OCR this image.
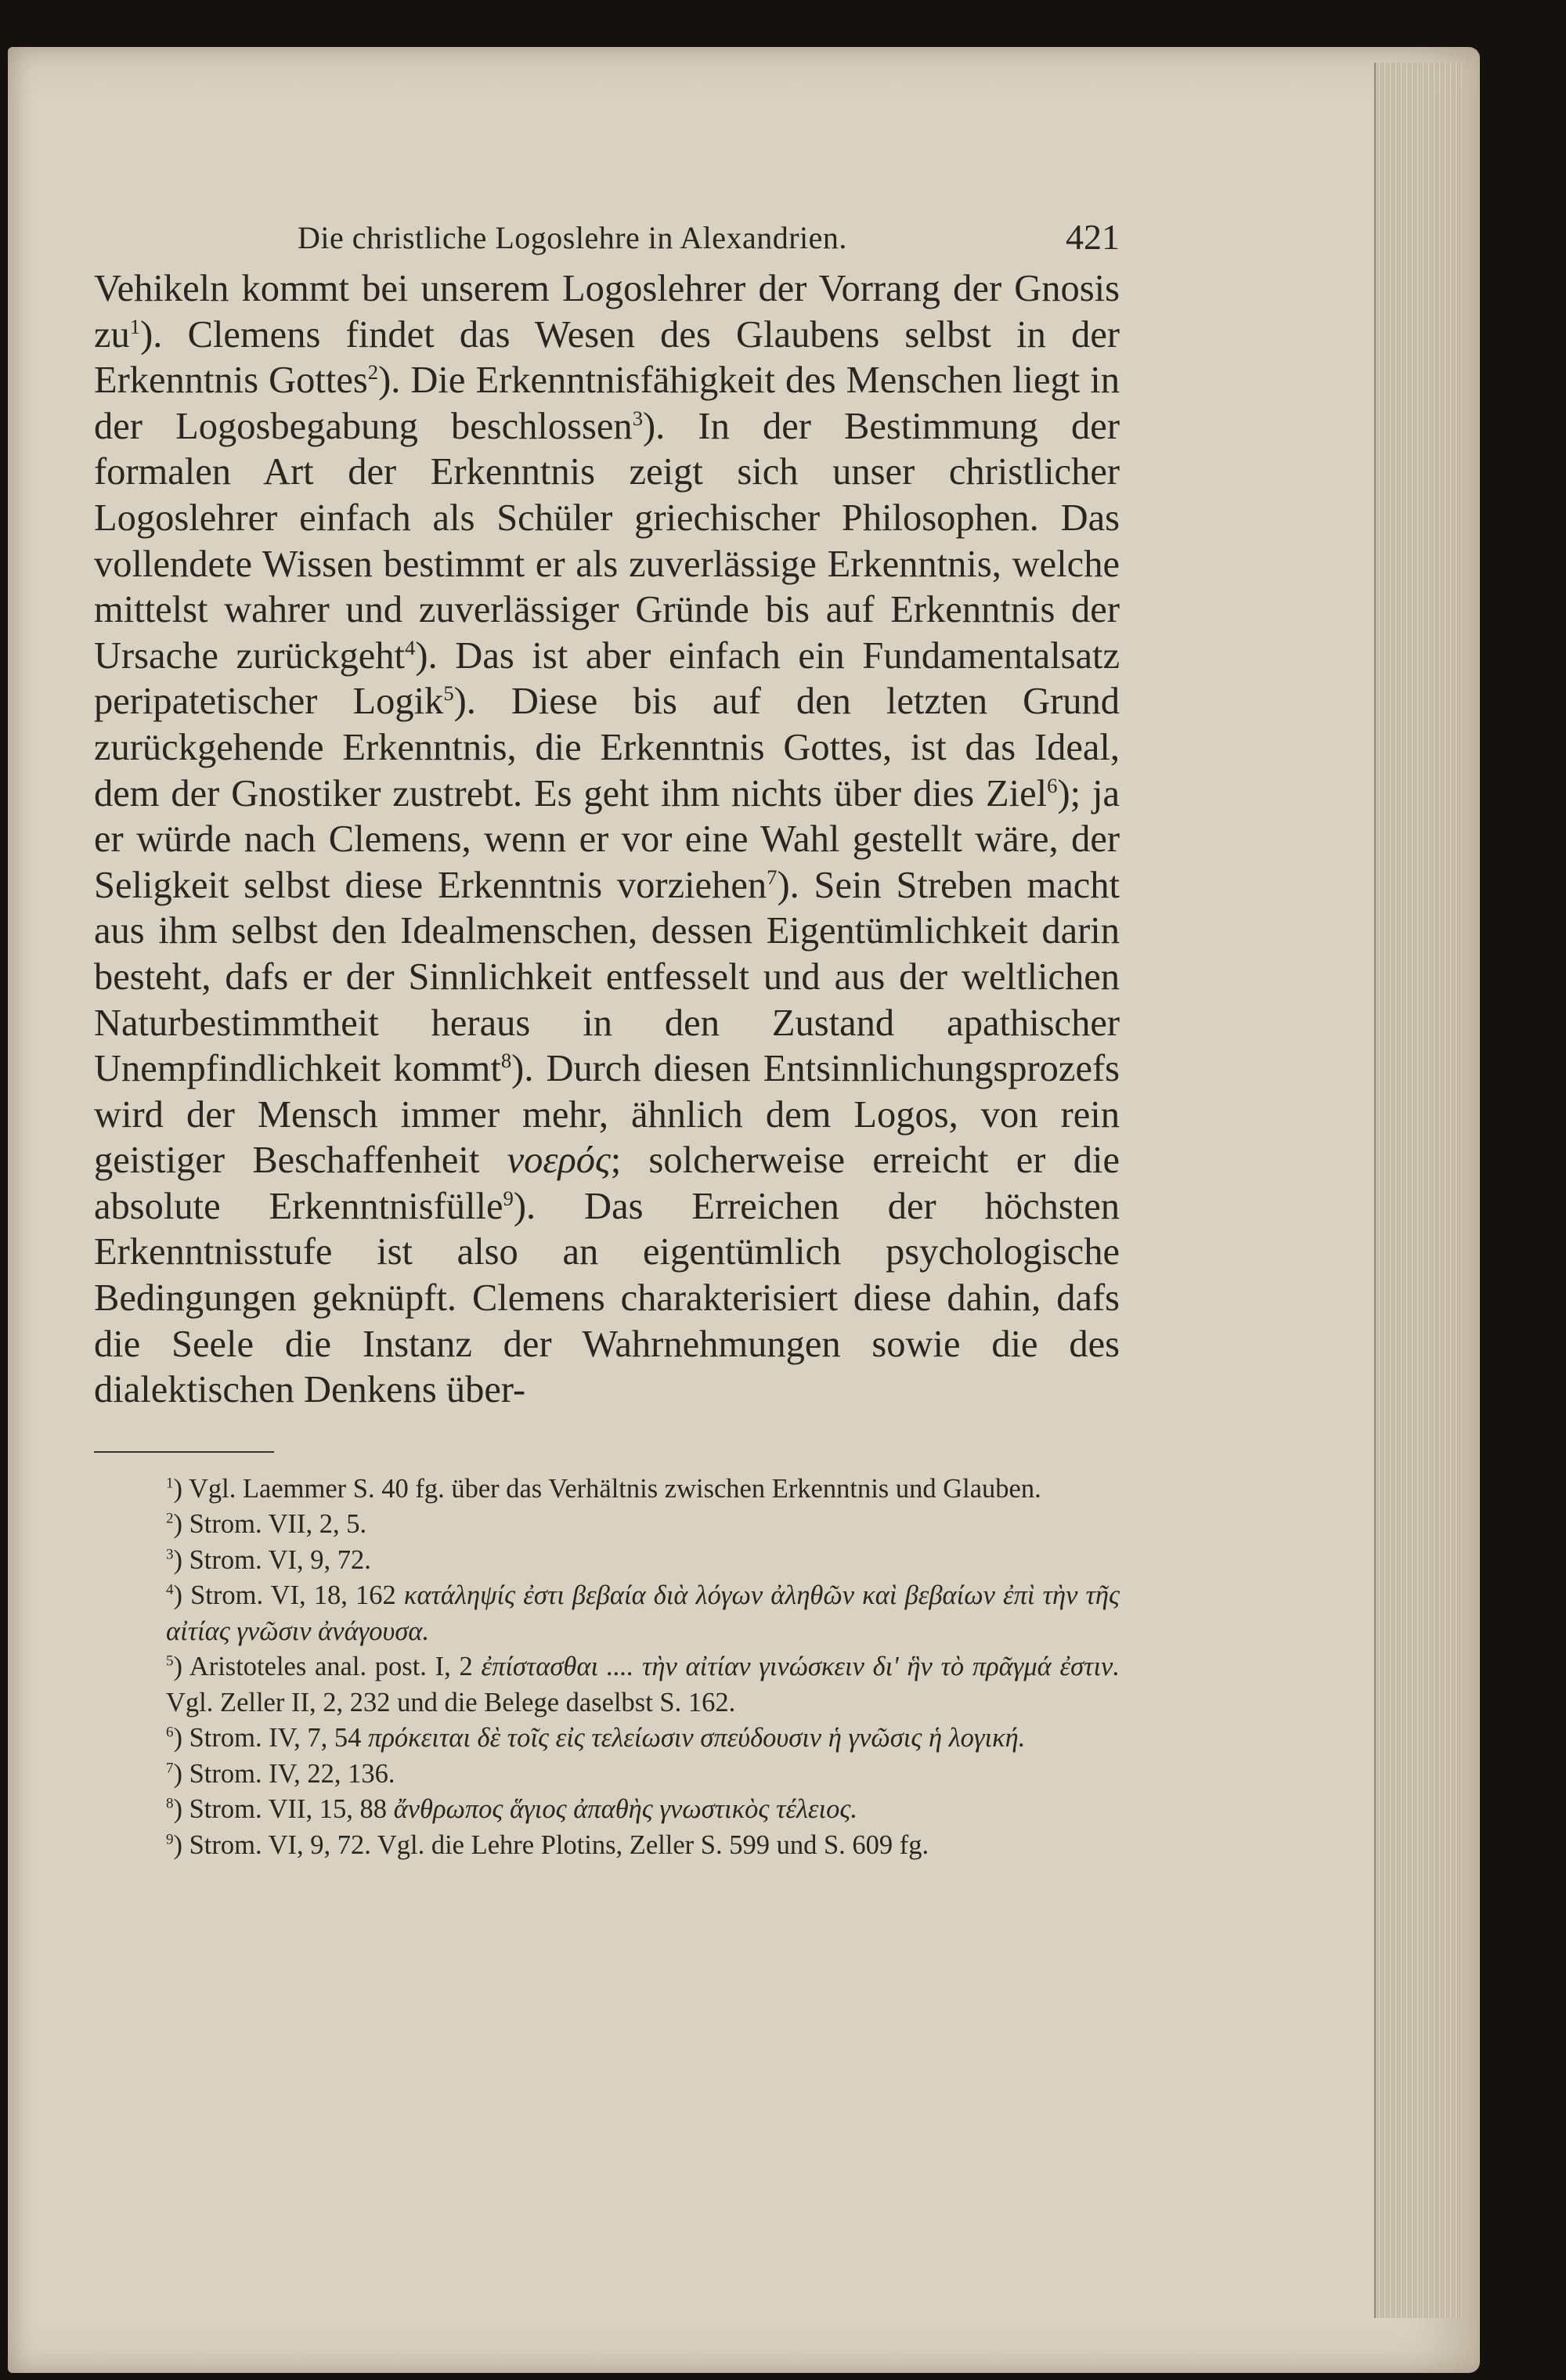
Die christliche Logoslehre in Alexandrien.	421

Vehikeln kommt bei unserem Logoslehrer der Vorrang der Gnosis $zu^1$). Clemens findet das Wesen des Glaubens selbst in der Erkenntnis Gottes$^2$). Die Erkenntnisfähigkeit des Menschen liegt in der Logosbegabung beschlossen$^3$). In der Bestimmung der formalen Art der Erkenntnis zeigt sich unser christlicher Logoslehrer einfach als Schüler griechischer Philosophen. Das vollendete Wissen bestimmt er als zuverlässige Erkenntnis, welche mittelst wahrer und zuverlässiger Gründe bis auf Erkenntnis der Ursache zurückgeht$^4$). Das ist aber einfach ein Fundamentalsatz peripatetischer Logik$^5$). Diese bis auf den letzten Grund zurückgehende Erkenntnis, die Erkenntnis Gottes, ist das Ideal, dem der Gnostiker zustrebt. Es geht ihm nichts über dies Ziel$^6$); ja er würde nach Clemens, wenn er vor eine Wahl gestellt wäre, der Seligkeit selbst diese Erkenntnis vorziehen$^7$). Sein Streben macht aus ihm selbst den Idealmenschen, dessen Eigentümlichkeit darin besteht, dafs er der Sinnlichkeit entfesselt und aus der weltlichen Naturbestimmtheit heraus in den Zustand apathischer Unempfindlichkeit kommt$^8$). Durch diesen Entsinnlichungsprozefs wird der Mensch immer mehr, ähnlich dem Logos, von rein geistiger Beschaffenheit νοερός; solcherweise erreicht er die absolute Erkenntnisfülle$^9$). Das Erreichen der höchsten Erkenntnisstufe ist also an eigentümlich psychologische Bedingungen geknüpft. Clemens charakterisiert diese dahin, dafs die Seele die Instanz der Wahrnehmungen sowie die des dialektischen Denkens über-

$^1$) Vgl. Laemmer S. 40 fg. über das Verhältnis zwischen Erkenntnis und Glauben.

$^2$) Strom. VII, 2, 5.

$^3$) Strom. VI, 9, 72.

$^4$) Strom. VI, 18, 162 κατάληψίς ἐστι βεβαία διὰ λόγων ἀληθῶν καὶ βεβαίων ἐπὶ τὴν τῆς αἰτίας γνῶσιν ἀνάγουσα.

$^5$) Aristoteles anal. post. I, 2 ἐπίστασθαι .... τὴν αἰτίαν γινώσκειν δι' ἣν τὸ πρᾶγμά ἐστιν. Vgl. Zeller II, 2, 232 und die Belege daselbst S. 162.

$^6$) Strom. IV, 7, 54 πρόκειται δὲ τοῖς εἰς τελείωσιν σπεύδουσιν ἡ γνῶσις ἡ λογική.

$^7$) Strom. IV, 22, 136.

$^8$) Strom. VII, 15, 88 ἄνθρωπος ἅγιος ἀπαθὴς γνωστικὸς τέλειος.

$^9$) Strom. VI, 9, 72. Vgl. die Lehre Plotins, Zeller S. 599 und S. 609 fg.
